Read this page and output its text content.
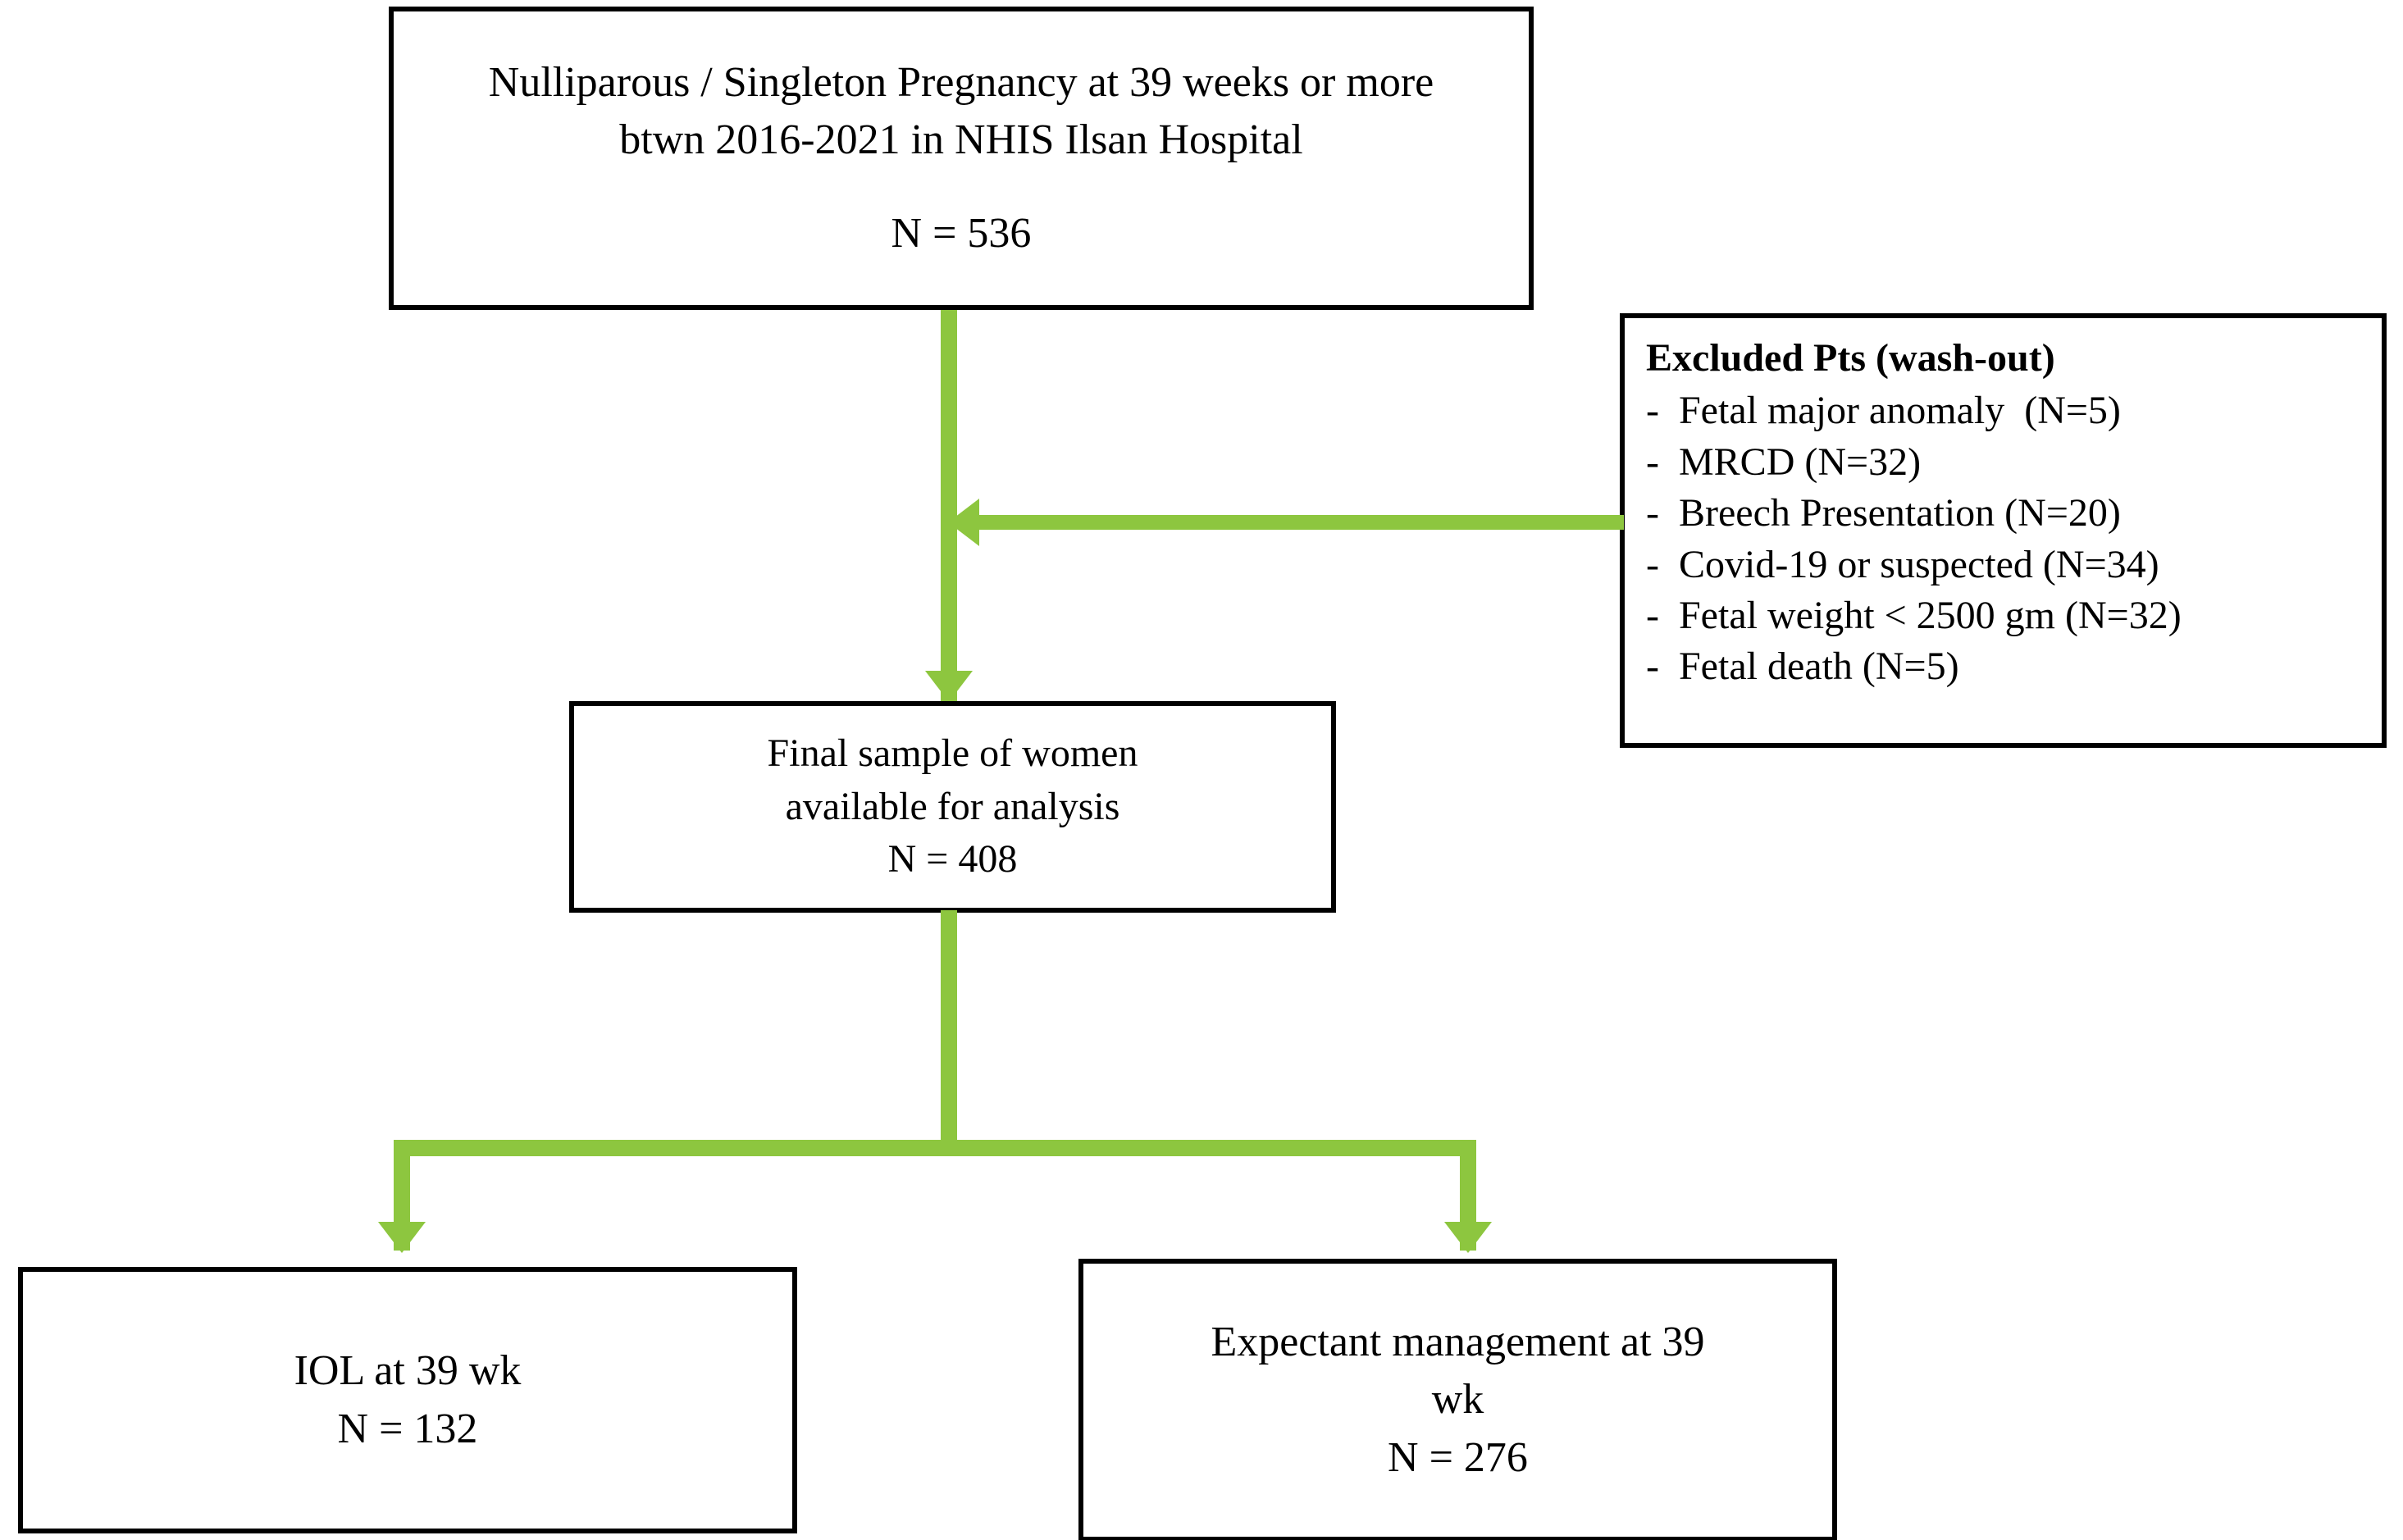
Nulliparous / Singleton Pregnancy at 39 weeks or more
btwn 2016-2021 in NHIS Ilsan Hospital
N = 536
Excluded Pts (wash-out)
-  Fetal major anomaly  (N=5)
-  MRCD (N=32)
-  Breech Presentation (N=20)
-  Covid-19 or suspected (N=34)
-  Fetal weight < 2500 gm (N=32)
-  Fetal death (N=5)
Final sample of women
available for analysis
N = 408
IOL at 39 wk
N = 132
Expectant management at 39
wk
N = 276
